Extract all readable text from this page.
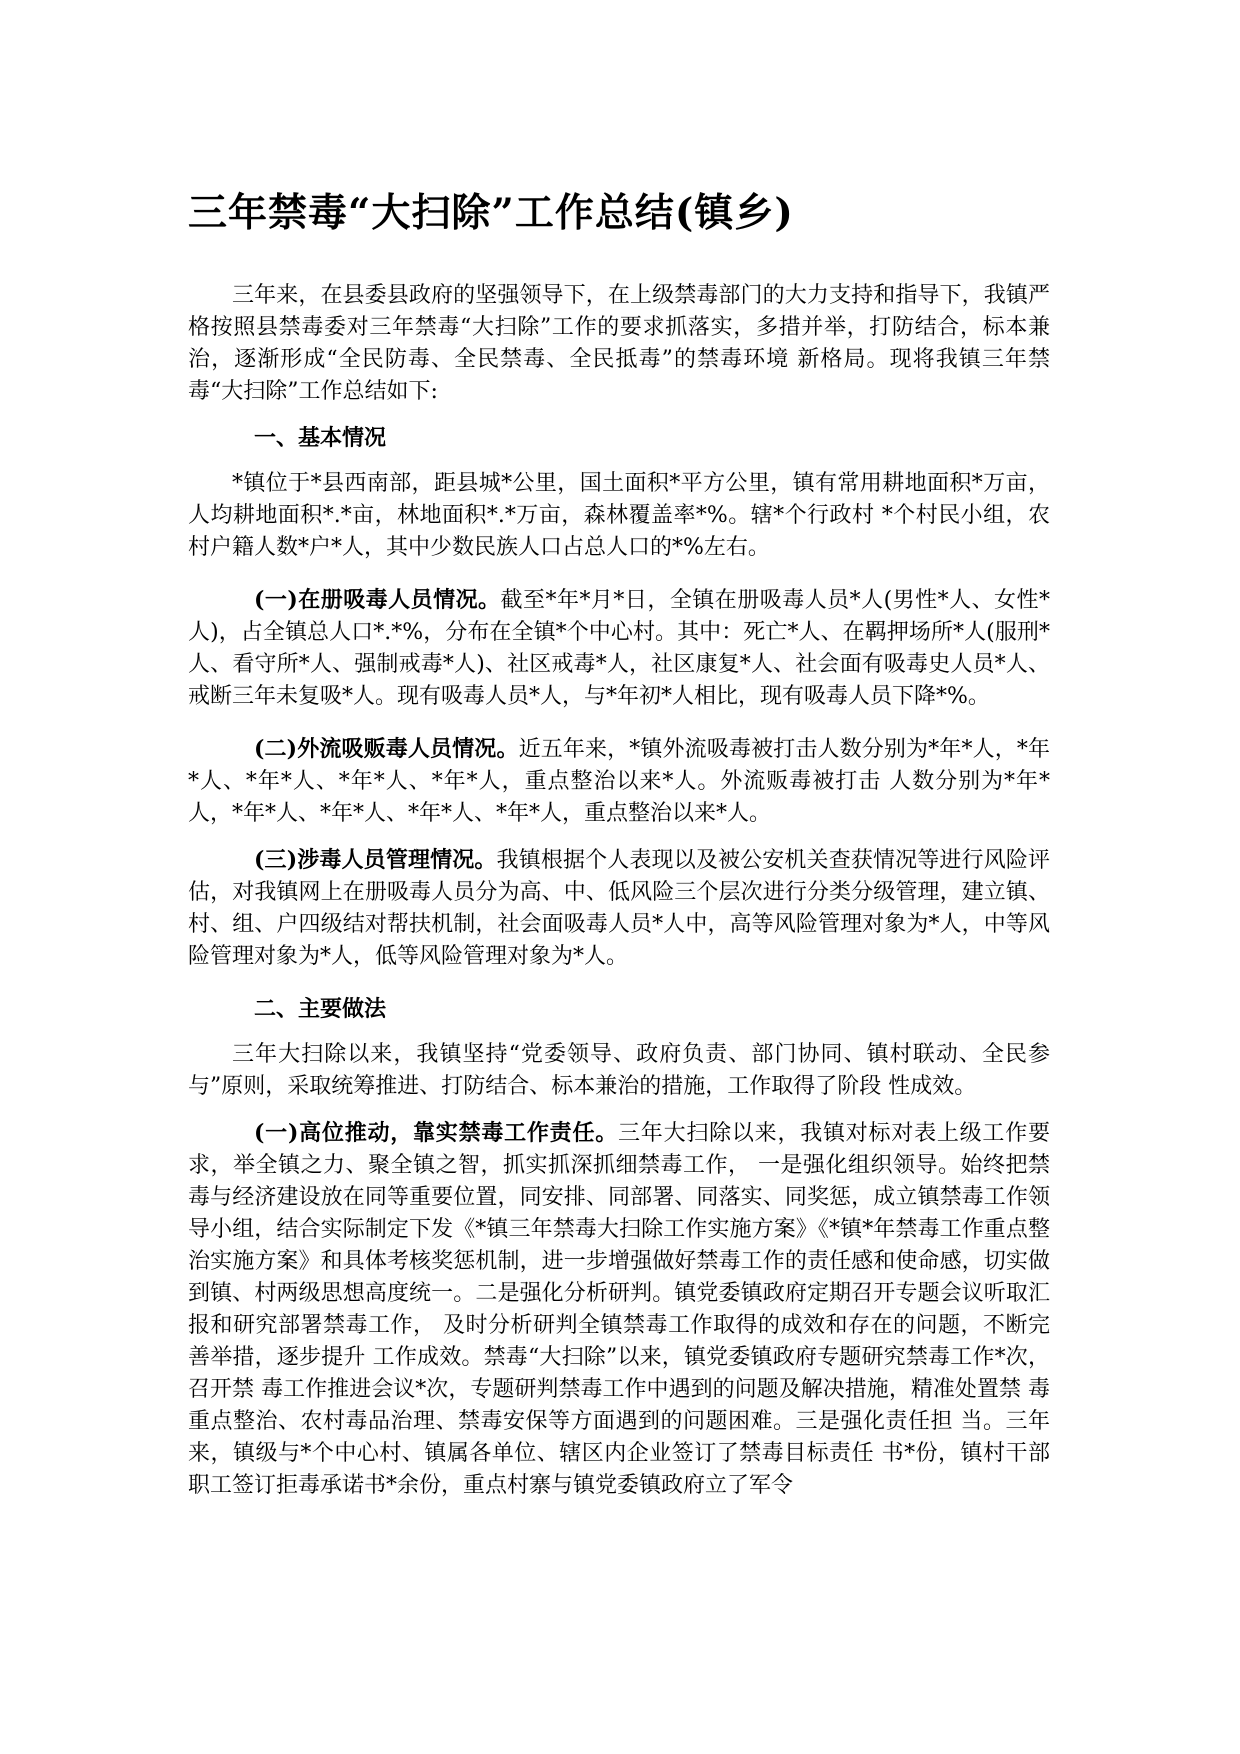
三年禁毒“大扫除”工作总结(镇乡)

三年来，在县委县政府的坚强领导下，在上级禁毒部门的大力支持和指导下，我镇严格按照县禁毒委对三年禁毒“大扫除”工作的要求抓落实，多措并举，打防结合，标本兼治，逐渐形成“全民防毒、全民禁毒、全民抵毒”的禁毒环境 新格局。现将我镇三年禁毒“大扫除”工作总结如下:

一、基本情况

*镇位于*县西南部，距县城*公里，国土面积*平方公里，镇有常用耕地面积*万亩，人均耕地面积*.*亩，林地面积*.*万亩，森林覆盖率*%。辖*个行政村 *个村民小组，农村户籍人数*户*人，其中少数民族人口占总人口的*%左右。

(一)在册吸毒人员情况。截至*年*月*日，全镇在册吸毒人员*人(男性*人、女性*人)，占全镇总人口*.*%，分布在全镇*个中心村。其中：死亡*人、在羁押场所*人(服刑*人、看守所*人、强制戒毒*人)、社区戒毒*人，社区康复*人、社会面有吸毒史人员*人、戒断三年未复吸*人。现有吸毒人员*人，与*年初*人相比，现有吸毒人员下降*%。

(二)外流吸贩毒人员情况。近五年来，*镇外流吸毒被打击人数分别为*年*人，*年*人、*年*人、*年*人、*年*人，重点整治以来*人。外流贩毒被打击 人数分别为*年*人，*年*人、*年*人、*年*人、*年*人，重点整治以来*人。

(三)涉毒人员管理情况。我镇根据个人表现以及被公安机关查获情况等进行风险评估，对我镇网上在册吸毒人员分为高、中、低风险三个层次进行分类分级管理，建立镇、村、组、户四级结对帮扶机制，社会面吸毒人员*人中，高等风险管理对象为*人，中等风险管理对象为*人，低等风险管理对象为*人。

二、主要做法

三年大扫除以来，我镇坚持“党委领导、政府负责、部门协同、镇村联动、全民参与”原则，采取统筹推进、打防结合、标本兼治的措施，工作取得了阶段 性成效。

(一)高位推动，靠实禁毒工作责任。三年大扫除以来，我镇对标对表上级工作要求，举全镇之力、聚全镇之智，抓实抓深抓细禁毒工作， 一是强化组织领导。始终把禁毒与经济建设放在同等重要位置，同安排、同部署、同落实、同奖惩，成立镇禁毒工作领导小组，结合实际制定下发《*镇三年禁毒大扫除工作实施方案》《*镇*年禁毒工作重点整治实施方案》和具体考核奖惩机制，进一步增强做好禁毒工作的责任感和使命感，切实做到镇、村两级思想高度统一。二是强化分析研判。镇党委镇政府定期召开专题会议听取汇报和研究部署禁毒工作， 及时分析研判全镇禁毒工作取得的成效和存在的问题，不断完善举措，逐步提升 工作成效。禁毒“大扫除”以来，镇党委镇政府专题研究禁毒工作*次，召开禁 毒工作推进会议*次，专题研判禁毒工作中遇到的问题及解决措施，精准处置禁 毒重点整治、农村毒品治理、禁毒安保等方面遇到的问题困难。三是强化责任担 当。三年来，镇级与*个中心村、镇属各单位、辖区内企业签订了禁毒目标责任 书*份，镇村干部职工签订拒毒承诺书*余份，重点村寨与镇党委镇政府立了军令
